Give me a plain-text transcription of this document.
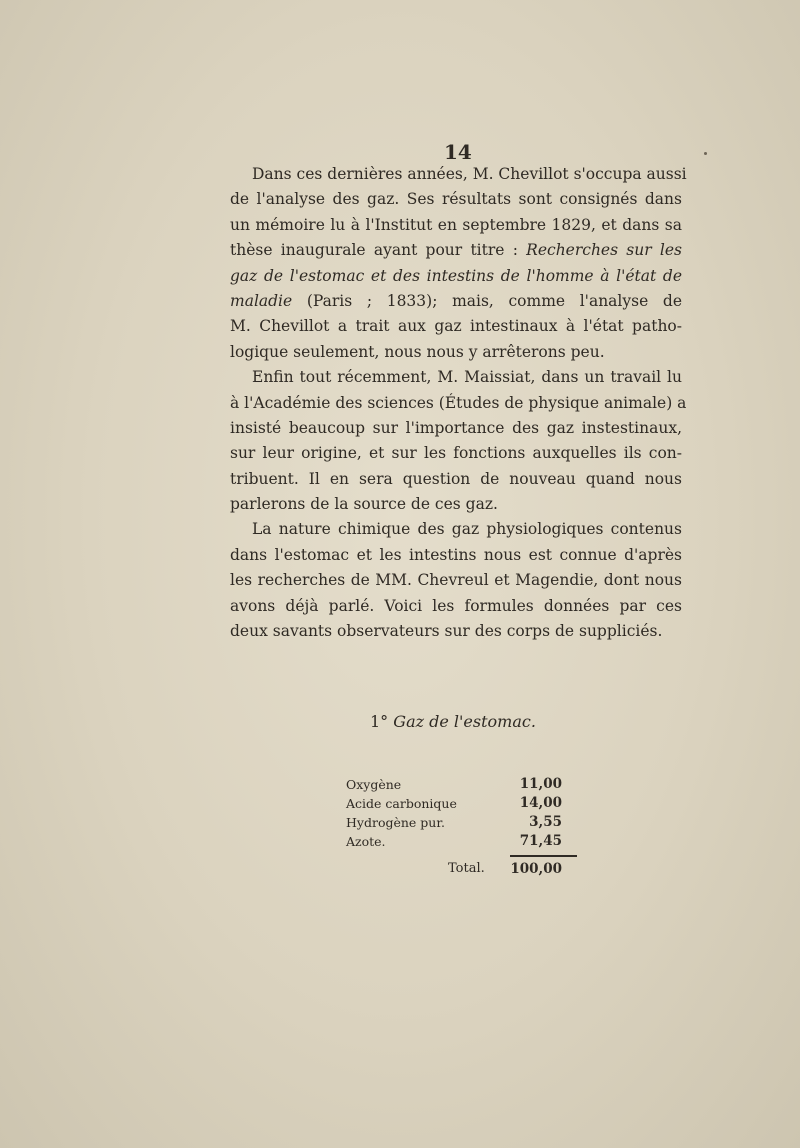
14
Dans ces dernières années, M. Chevillot s'occupa aussi
de l'analyse des gaz. Ses résultats sont consignés dans
un mémoire lu à l'Institut en septembre 1829, et dans sa
thèse inaugurale ayant pour titre : Recherches sur les
gaz de l'estomac et des intestins de l'homme à l'état de
maladie (Paris ; 1833); mais, comme l'analyse de
M. Chevillot a trait aux gaz intestinaux à l'état patho-
logique seulement, nous nous y arrêterons peu.
Enfin tout récemment, M. Maissiat, dans un travail lu
à l'Académie des sciences (Études de physique animale) a
insisté beaucoup sur l'importance des gaz instestinaux,
sur leur origine, et sur les fonctions auxquelles ils con-
tribuent. Il en sera question de nouveau quand nous
parlerons de la source de ces gaz.
La nature chimique des gaz physiologiques contenus
dans l'estomac et les intestins nous est connue d'après
les recherches de MM. Chevreul et Magendie, dont nous
avons déjà parlé. Voici les formules données par ces
deux savants observateurs sur des corps de suppliciés.
1° Gaz de l'estomac.
Oxygène	11,00
Acide carbonique	14,00
Hydrogène pur.	3,55
Azote.	71,45
Total. 100,00
